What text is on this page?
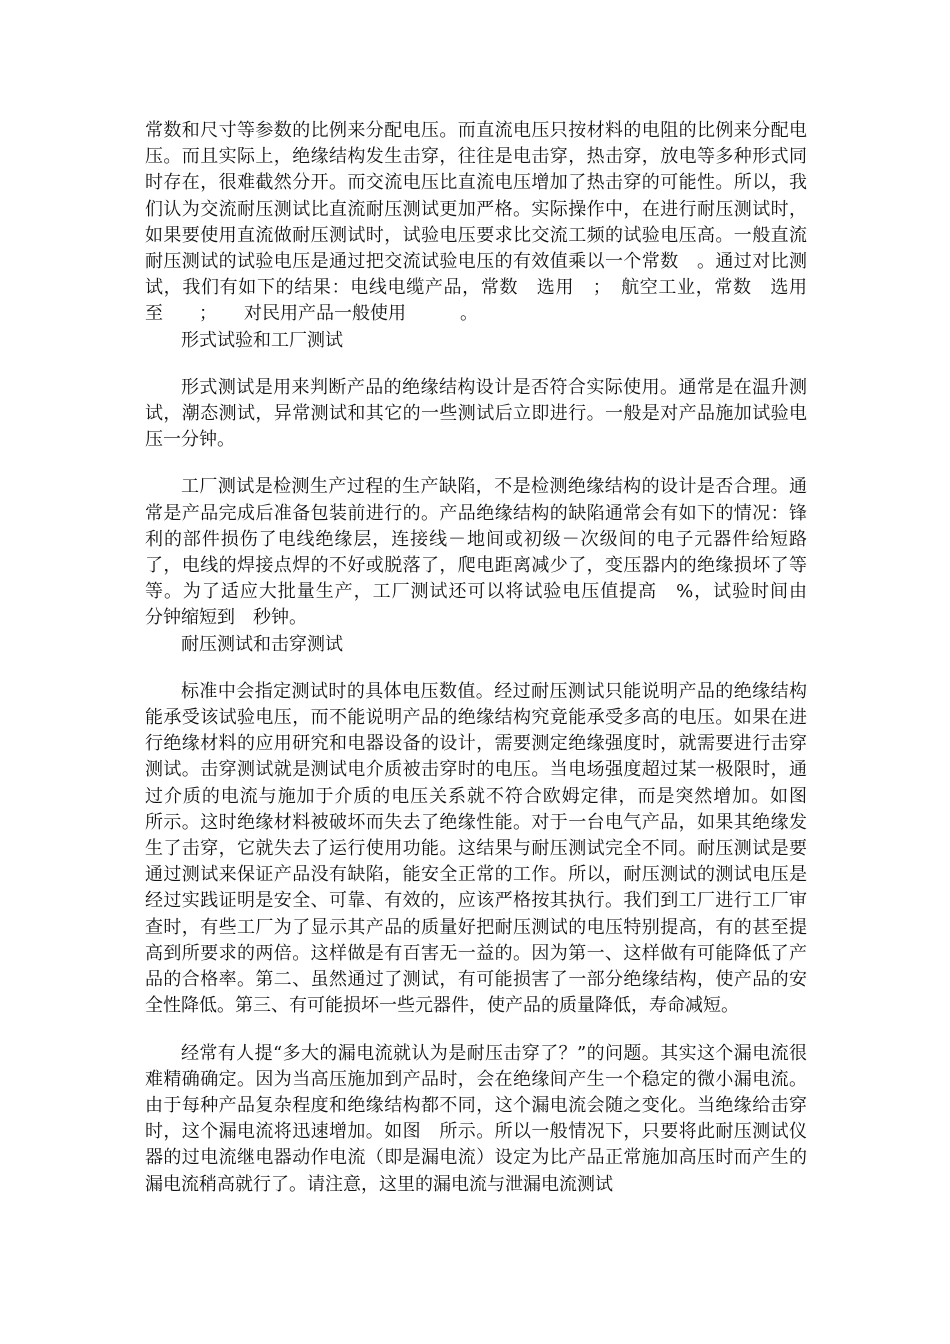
常数和尺寸等参数的比例来分配电压。而直流电压只按材料的电阻的比例来分配电压。而且实际上，绝缘结构发生击穿，往往是电击穿，热击穿，放电等多种形式同时存在，很难截然分开。而交流电压比直流电压增加了热击穿的可能性。所以，我们认为交流耐压测试比直流耐压测试更加严格。实际操作中，在进行耐压测试时，如果要使用直流做耐压测试时，试验电压要求比交流工频的试验电压高。一般直流耐压测试的试验电压是通过把交流试验电压的有效值乘以一个常数　。通过对比测试，我们有如下的结果：电线电缆产品，常数　选用　；　航空工业，常数　选用　　至　　；　　对民用产品一般使用　　　。

形式试验和工厂测试

形式测试是用来判断产品的绝缘结构设计是否符合实际使用。通常是在温升测试，潮态测试，异常测试和其它的一些测试后立即进行。一般是对产品施加试验电压一分钟。

工厂测试是检测生产过程的生产缺陷，不是检测绝缘结构的设计是否合理。通常是产品完成后准备包装前进行的。产品绝缘结构的缺陷通常会有如下的情况：锋利的部件损伤了电线绝缘层，连接线－地间或初级－次级间的电子元器件给短路了，电线的焊接点焊的不好或脱落了，爬电距离减少了，变压器内的绝缘损坏了等等。为了适应大批量生产，工厂测试还可以将试验电压值提高　%，试验时间由　分钟缩短到　秒钟。

耐压测试和击穿测试

标准中会指定测试时的具体电压数值。经过耐压测试只能说明产品的绝缘结构能承受该试验电压，而不能说明产品的绝缘结构究竟能承受多高的电压。如果在进行绝缘材料的应用研究和电器设备的设计，需要测定绝缘强度时，就需要进行击穿测试。击穿测试就是测试电介质被击穿时的电压。当电场强度超过某一极限时，通过介质的电流与施加于介质的电压关系就不符合欧姆定律，而是突然增加。如图　所示。这时绝缘材料被破坏而失去了绝缘性能。对于一台电气产品，如果其绝缘发生了击穿，它就失去了运行使用功能。这结果与耐压测试完全不同。耐压测试是要通过测试来保证产品没有缺陷，能安全正常的工作。所以，耐压测试的测试电压是经过实践证明是安全、可靠、有效的，应该严格按其执行。我们到工厂进行工厂审查时，有些工厂为了显示其产品的质量好把耐压测试的电压特别提高，有的甚至提高到所要求的两倍。这样做是有百害无一益的。因为第一、这样做有可能降低了产品的合格率。第二、虽然通过了测试，有可能损害了一部分绝缘结构，使产品的安全性降低。第三、有可能损坏一些元器件，使产品的质量降低，寿命减短。

经常有人提“多大的漏电流就认为是耐压击穿了？”的问题。其实这个漏电流很难精确确定。因为当高压施加到产品时，会在绝缘间产生一个稳定的微小漏电流。由于每种产品复杂程度和绝缘结构都不同，这个漏电流会随之变化。当绝缘给击穿时，这个漏电流将迅速增加。如图　所示。所以一般情况下，只要将此耐压测试仪器的过电流继电器动作电流（即是漏电流）设定为比产品正常施加高压时而产生的漏电流稍高就行了。请注意，这里的漏电流与泄漏电流测试
